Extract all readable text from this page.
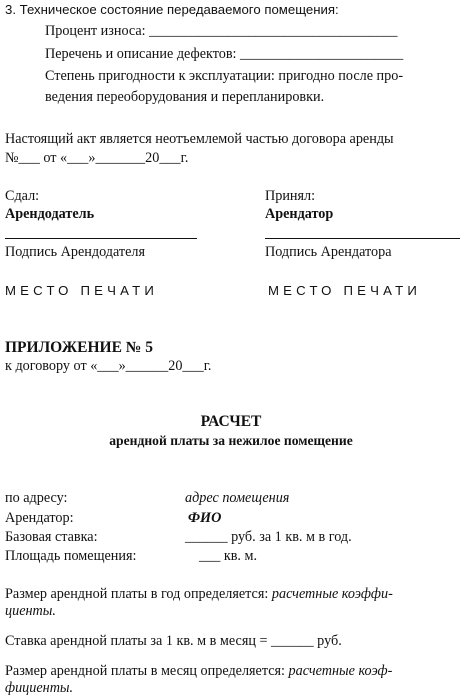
3. Техническое состояние передаваемого помещения:
Процент износа: ___________________________________
Перечень и описание дефектов: _______________________
Степень пригодности к эксплуатации: пригодно после про-
ведения переоборудования и перепланировки.
Настоящий акт является неотъемлемой частью договора аренды
№___ от «___»_______20___г.
Сдал:	Принял:
Арендодатель	Арендатор
Подпись Арендодателя	Подпись Арендатора
МЕСТО ПЕЧАТИ	МЕСТО ПЕЧАТИ
ПРИЛОЖЕНИЕ № 5
к договору от «___»______20___г.
РАСЧЕТ
арендной платы за нежилое помещение
по адресу:	адрес помещения
Арендатор:	ФИО
Базовая ставка:	______ руб. за 1 кв. м в год.
Площадь помещения:	___ кв. м.
Размер арендной платы в год определяется: расчетные коэффи-
циенты.
Ставка арендной платы за 1 кв. м в месяц = ______ руб.
Размер арендной платы в месяц определяется: расчетные коэф-
фициенты.
